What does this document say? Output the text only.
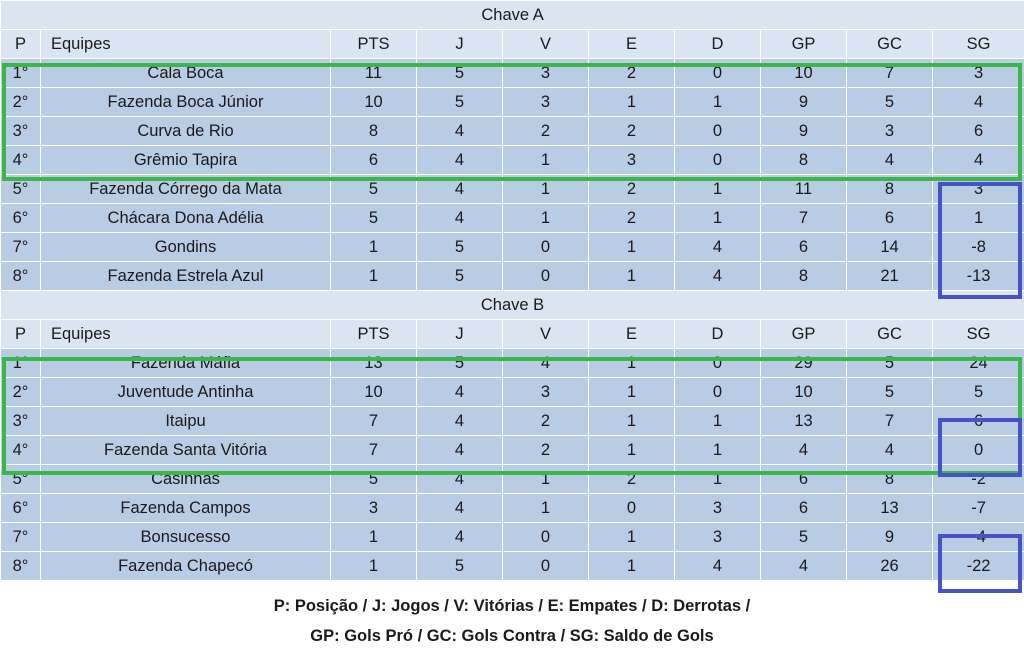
Chave A									
P	Equipes	PTS	J	V	E	D	GP	GC	SG
1°	Cala Boca	11	5	3	2	0	10	7	3
2°	Fazenda Boca Júnior	10	5	3	1	1	9	5	4
3°	Curva de Rio	8	4	2	2	0	9	3	6
4°	Grêmio Tapira	6	4	1	3	0	8	4	4
5°	Fazenda Córrego da Mata	5	4	1	2	1	11	8	3
6°	Chácara Dona Adélia	5	4	1	2	1	7	6	1
7°	Gondins	1	5	0	1	4	6	14	-8
8°	Fazenda Estrela Azul	1	5	0	1	4	8	21	-13
Chave B									
P	Equipes	PTS	J	V	E	D	GP	GC	SG
1°	Fazenda Máfia	13	5	4	1	0	29	5	24
2°	Juventude Antinha	10	4	3	1	0	10	5	5
3°	Itaipu	7	4	2	1	1	13	7	6
4°	Fazenda Santa Vitória	7	4	2	1	1	4	4	0
5°	Casinhas	5	4	1	2	1	6	8	-2
6°	Fazenda Campos	3	4	1	0	3	6	13	-7
7°	Bonsucesso	1	4	0	1	3	5	9	-4
8°	Fazenda Chapecó	1	5	0	1	4	4	26	-22
P: Posição / J: Jogos / V: Vitórias / E: Empates / D: Derrotas /
GP: Gols Pró / GC: Gols Contra / SG: Saldo de Gols
